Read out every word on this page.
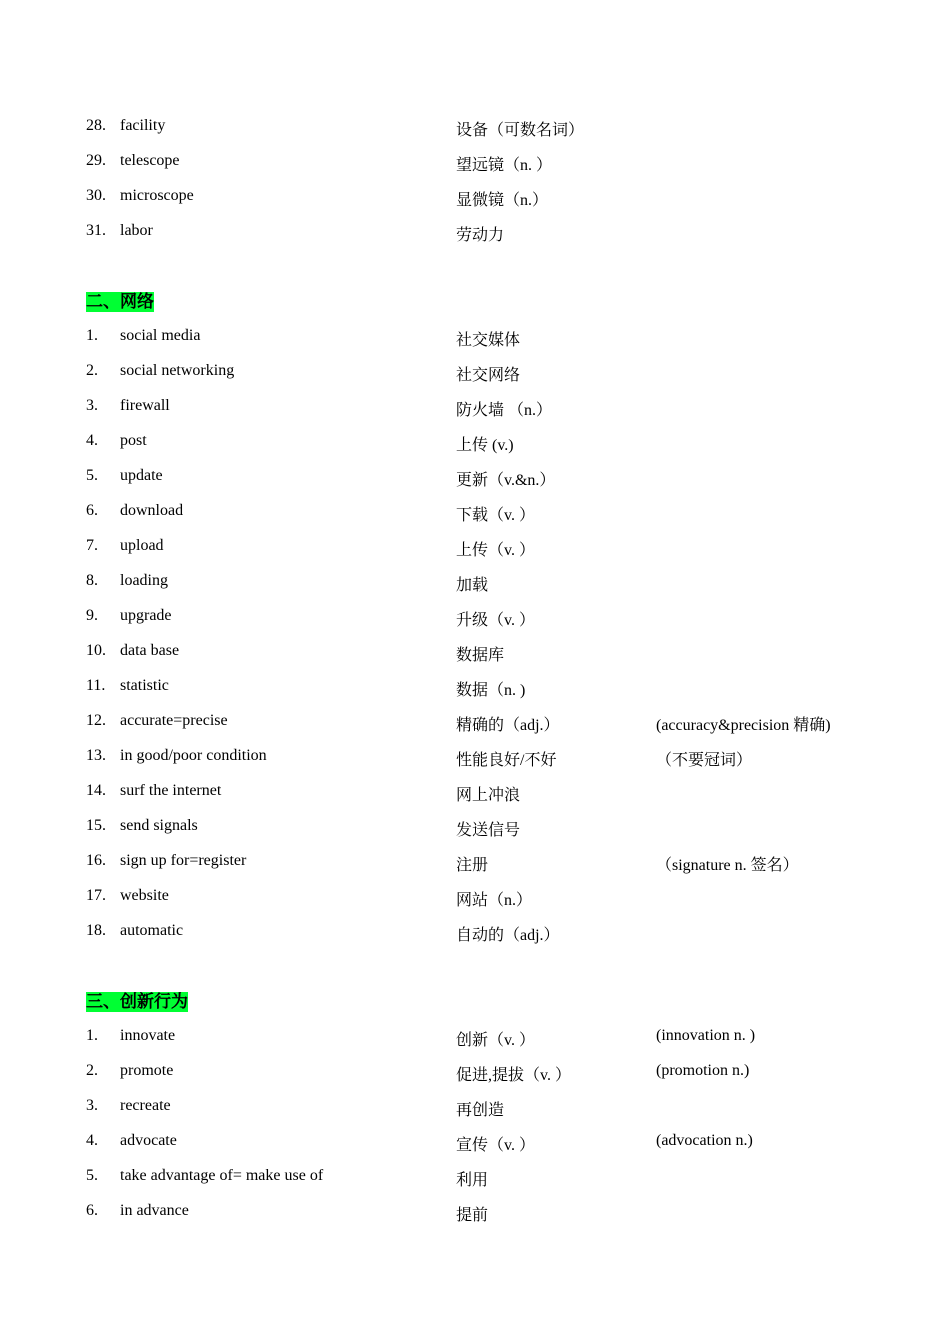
28. facility	设备（可数名词）
29. telescope	望远镜（n. ）
30. microscope	显微镜（n.）
31. labor	劳动力
二、网络
1. social media	社交媒体
2. social networking	社交网络
3. firewall	防火墙 （n.）
4. post	上传 (v.)
5. update	更新（v.&n.）
6. download	下载（v. ）
7. upload	上传（v. ）
8. loading	加载
9. upgrade	升级（v. ）
10. data base	数据库
11. statistic	数据（n. )
12. accurate=precise	精确的（adj.）	(accuracy&precision 精确)
13. in good/poor condition	性能良好/不好	（不要冠词）
14. surf the internet	网上冲浪
15. send signals	发送信号
16. sign up for=register	注册	（signature n. 签名）
17. website	网站（n.）
18. automatic	自动的（adj.）
三、创新行为
1. innovate	创新（v. ）	(innovation n. )
2. promote	促进,提拔（v. ）	(promotion n.)
3. recreate	再创造
4. advocate	宣传（v. ）	(advocation n.)
5. take advantage of= make use of	利用
6. in advance	提前
